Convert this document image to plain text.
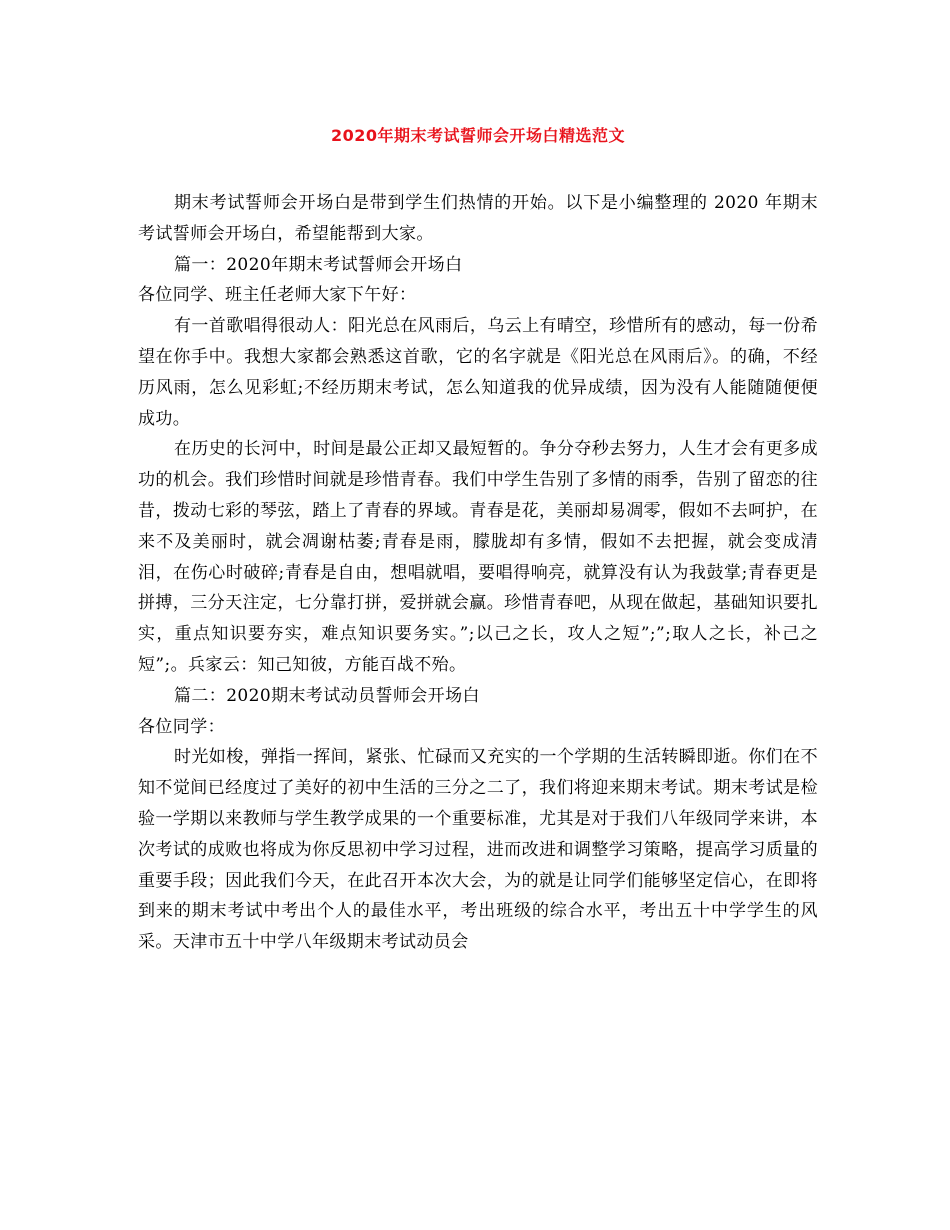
2020年期末考试誓师会开场白精选范文

期末考试誓师会开场白是带到学生们热情的开始。以下是小编整理的 2020 年期末考试誓师会开场白，希望能帮到大家。

篇一：2020年期末考试誓师会开场白

各位同学、班主任老师大家下午好：

有一首歌唱得很动人：阳光总在风雨后，乌云上有晴空，珍惜所有的感动，每一份希望在你手中。我想大家都会熟悉这首歌，它的名字就是《阳光总在风雨后》。的确，不经历风雨，怎么见彩虹;不经历期末考试，怎么知道我的优异成绩，因为没有人能随随便便成功。

在历史的长河中，时间是最公正却又最短暂的。争分夺秒去努力，人生才会有更多成功的机会。我们珍惜时间就是珍惜青春。我们中学生告别了多情的雨季，告别了留恋的往昔，拨动七彩的琴弦，踏上了青春的界域。青春是花，美丽却易凋零，假如不去呵护，在来不及美丽时，就会凋谢枯萎;青春是雨，朦胧却有多情，假如不去把握，就会变成清泪，在伤心时破碎;青春是自由，想唱就唱，要唱得响亮，就算没有认为我鼓掌;青春更是拼搏，三分天注定，七分靠打拼，爱拼就会赢。珍惜青春吧，从现在做起，基础知识要扎实，重点知识要夯实，难点知识要务实。”;以己之长，攻人之短”;”;取人之长，补己之短”;。兵家云：知己知彼，方能百战不殆。

篇二：2020期末考试动员誓师会开场白

各位同学：

时光如梭，弹指一挥间，紧张、忙碌而又充实的一个学期的生活转瞬即逝。你们在不知不觉间已经度过了美好的初中生活的三分之二了，我们将迎来期末考试。期末考试是检验一学期以来教师与学生教学成果的一个重要标准，尤其是对于我们八年级同学来讲，本次考试的成败也将成为你反思初中学习过程，进而改进和调整学习策略，提高学习质量的重要手段；因此我们今天，在此召开本次大会，为的就是让同学们能够坚定信心，在即将到来的期末考试中考出个人的最佳水平，考出班级的综合水平，考出五十中学学生的风采。天津市五十中学八年级期末考试动员会
